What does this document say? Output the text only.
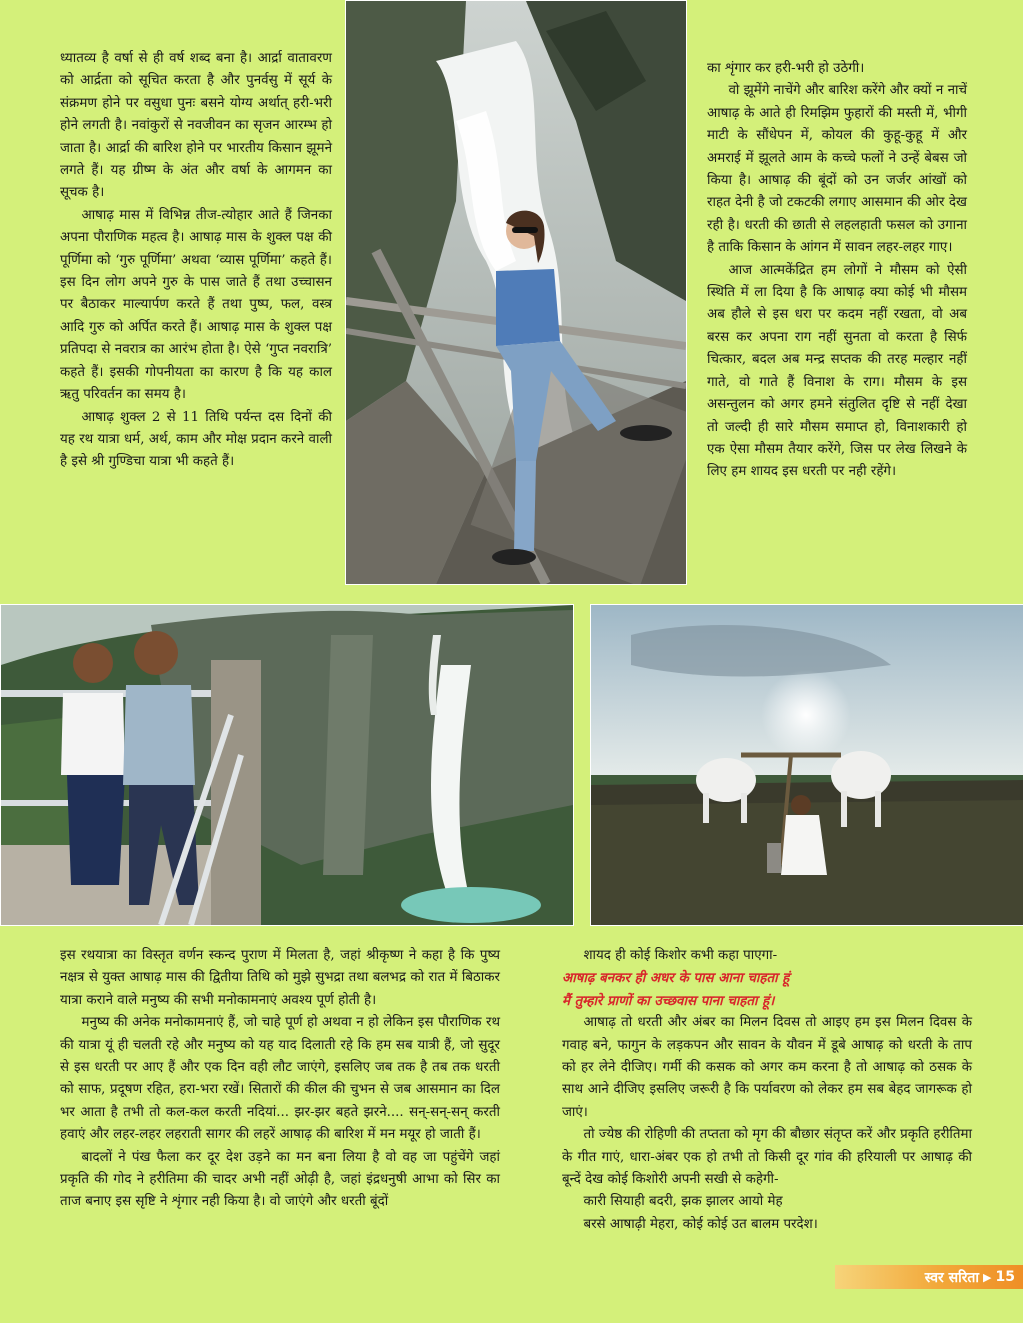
ध्यातव्य है वर्षा से ही वर्ष शब्द बना है। आर्द्रा वातावरण को आर्द्रता को सूचित करता है और पुनर्वसु में सूर्य के संक्रमण होने पर वसुधा पुनः बसने योग्य अर्थात् हरी-भरी होने लगती है। नवांकुरों से नवजीवन का सृजन आरम्भ हो जाता है। आर्द्रा की बारिश होने पर भारतीय किसान झूमने लगते हैं। यह ग्रीष्म के अंत और वर्षा के आगमन का सूचक है।

आषाढ़ मास में विभिन्न तीज-त्योहार आते हैं जिनका अपना पौराणिक महत्व है। आषाढ़ मास के शुक्ल पक्ष की पूर्णिमा को ‘गुरु पूर्णिमा’ अथवा ‘व्यास पूर्णिमा’ कहते हैं। इस दिन लोग अपने गुरु के पास जाते हैं तथा उच्चासन पर बैठाकर माल्यार्पण करते हैं तथा पुष्प, फल, वस्त्र आदि गुरु को अर्पित करते हैं। आषाढ़ मास के शुक्ल पक्ष प्रतिपदा से नवरात्र का आरंभ होता है। ऐसे ‘गुप्त नवरात्रि’ कहते हैं। इसकी गोपनीयता का कारण है कि यह काल ऋतु परिवर्तन का समय है।

आषाढ़ शुक्ल 2 से 11 तिथि पर्यन्त दस दिनों की यह रथ यात्रा धर्म, अर्थ, काम और मोक्ष प्रदान करने वाली है इसे श्री गुण्डिचा यात्रा भी कहते हैं।

का शृंगार कर हरी-भरी हो उठेगी।

वो झूमेंगे नाचेंगे और बारिश करेंगे और क्यों न नाचें आषाढ़ के आते ही रिमझिम फुहारों की मस्ती में, भीगी माटी के सौंधेपन में, कोयल की कुहू-कुहू में और अमराई में झूलते आम के कच्चे फलों ने उन्हें बेबस जो किया है। आषाढ़ की बूंदों को उन जर्जर आंखों को राहत देनी है जो टकटकी लगाए आसमान की ओर देख रही है। धरती की छाती से लहलहाती फसल को उगाना है ताकि किसान के आंगन में सावन लहर-लहर गाए।

आज आत्मकेंद्रित हम लोगों ने मौसम को ऐसी स्थिति में ला दिया है कि आषाढ़ क्या कोई भी मौसम अब हौले से इस धरा पर कदम नहीं रखता, वो अब बरस कर अपना राग नहीं सुनता वो करता है सिर्फ चित्कार, बदल अब मन्द्र सप्तक की तरह मल्हार नहीं गाते, वो गाते हैं विनाश के राग। मौसम के इस असन्तुलन को अगर हमने संतुलित दृष्टि से नहीं देखा तो जल्दी ही सारे मौसम समाप्त हो, विनाशकारी हो एक ऐसा मौसम तैयार करेंगे, जिस पर लेख लिखने के लिए हम शायद इस धरती पर नही रहेंगे।

इस रथयात्रा का विस्तृत वर्णन स्कन्द पुराण में मिलता है, जहां श्रीकृष्ण ने कहा है कि पुष्य नक्षत्र से युक्त आषाढ़ मास की द्वितीया तिथि को मुझे सुभद्रा तथा बलभद्र को रात में बिठाकर यात्रा कराने वाले मनुष्य की सभी मनोकामनाएं अवश्य पूर्ण होती है।

मनुष्य की अनेक मनोकामनाएं हैं, जो चाहे पूर्ण हो अथवा न हो लेकिन इस पौराणिक रथ की यात्रा यूं ही चलती रहे और मनुष्य को यह याद दिलाती रहे कि हम सब यात्री हैं, जो सुदूर से इस धरती पर आए हैं और एक दिन वही लौट जाएंगे, इसलिए जब तक है तब तक धरती को साफ, प्रदूषण रहित, हरा-भरा रखें। सितारों की कील की चुभन से जब आसमान का दिल भर आता है तभी तो कल-कल करती नदियां... झर-झर बहते झरने.... सन्-सन्-सन् करती हवाएं और लहर-लहर लहराती सागर की लहरें आषाढ़ की बारिश में मन मयूर हो जाती हैं।

बादलों ने पंख फैला कर दूर देश उड़ने का मन बना लिया है वो वह जा पहुंचेंगे जहां प्रकृति की गोद ने हरीतिमा की चादर अभी नहीं ओढ़ी है, जहां इंद्रधनुषी आभा को सिर का ताज बनाए इस सृष्टि ने शृंगार नही किया है। वो जाएंगे और धरती बूंदों

शायद ही कोई किशोर कभी कहा पाएगा-

आषाढ़ बनकर ही अधर के पास आना चाहता हूं

मैं तुम्हारे प्राणों का उच्छवास पाना चाहता हूं।

आषाढ़ तो धरती और अंबर का मिलन दिवस तो आइए हम इस मिलन दिवस के गवाह बने, फागुन के लड़कपन और सावन के यौवन में डूबे आषाढ़ को धरती के ताप को हर लेने दीजिए। गर्मी की कसक को अगर कम करना है तो आषाढ़ को ठसक के साथ आने दीजिए इसलिए जरूरी है कि पर्यावरण को लेकर हम सब बेहद जागरूक हो जाएं।

तो ज्येष्ठ की रोहिणी की तप्तता को मृग की बौछार संतृप्त करें और प्रकृति हरीतिमा के गीत गाएं, धारा-अंबर एक हो तभी तो किसी दूर गांव की हरियाली पर आषाढ़ की बून्दें देख कोई किशोरी अपनी सखी से कहेगी-

कारी सियाही बदरी, झक झालर आयो मेह

बरसे आषाढ़ी मेहरा, कोई कोई उत बालम परदेश।

स्वर सरिता ▶ 15
